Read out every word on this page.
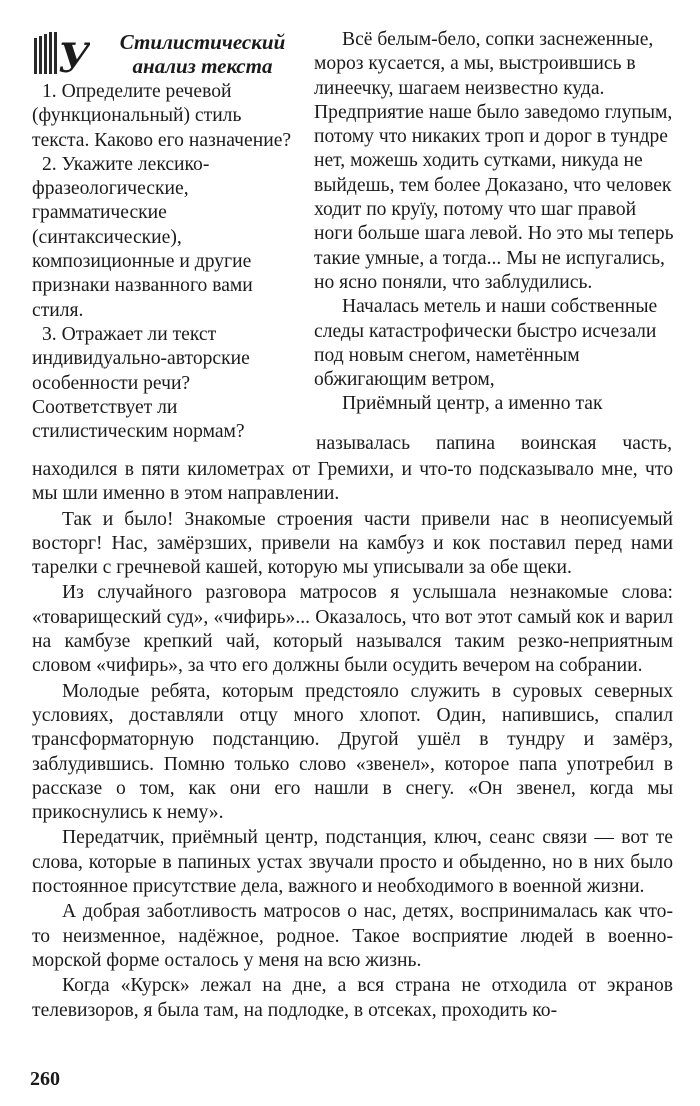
У	Стилистический анализ текста

1. Определите речевой (функциональный) стиль текста. Каково его назначение?

2. Укажите лексико-фразеологические, грамматические (синтаксические), композиционные и другие признаки названного вами стиля.

3. Отражает ли текст индивидуально-авторские особенности речи? Соответствует ли стилистическим нормам?

Всё белым-бело, сопки заснеженные, мороз кусается, а мы, выстроившись в линеечку, шагаем неизвестно куда. Предприятие наше было заведомо глупым, потому что никаких троп и дорог в тундре нет, можешь ходить сутками, никуда не выйдешь, тем более Доказано, что человек ходит по круїу, потому что шаг правой ноги больше шага левой. Но это мы теперь такие умные, а тогда... Мы не испугались, но ясно поняли, что заблудились.

Началась метель и наши собственные следы катастрофически быстро исчезали под новым снегом, наметённым обжигающим ветром,

Приёмный центр, а именно так

называлась папина воинская часть,

находился в пяти километрах от Гремихи, и что-то подсказывало мне, что мы шли именно в этом направлении.

Так и было! Знакомые строения части привели нас в неописуемый восторг! Нас, замёрзших, привели на камбуз и кок поставил перед нами тарелки с гречневой кашей, которую мы уписывали за обе щеки.

Из случайного разговора матросов я услышала незнакомые слова: «товарищеский суд», «чифирь»... Оказалось, что вот этот самый кок и варил на камбузе крепкий чай, который назывался таким резко-неприятным словом «чифирь», за что его должны были осудить вечером на собрании.

Молодые ребята, которым предстояло служить в суровых северных условиях, доставляли отцу много хлопот. Один, напившись, спалил трансформаторную подстанцию. Другой ушёл в тундру и замёрз, заблудившись. Помню только слово «звенел», которое папа употребил в рассказе о том, как они его нашли в снегу. «Он звенел, когда мы прикоснулись к нему».

Передатчик, приёмный центр, подстанция, ключ, сеанс связи — вот те слова, которые в папиных устах звучали просто и обыденно, но в них было постоянное присутствие дела, важного и необходимого в военной жизни.

А добрая заботливость матросов о нас, детях, воспринималась как что-то неизменное, надёжное, родное. Такое восприятие людей в военно-морской форме осталось у меня на всю жизнь.

Когда «Курск» лежал на дне, а вся страна не отходила от экранов телевизоров, я была там, на подлодке, в отсеках, проходить ко-

260
